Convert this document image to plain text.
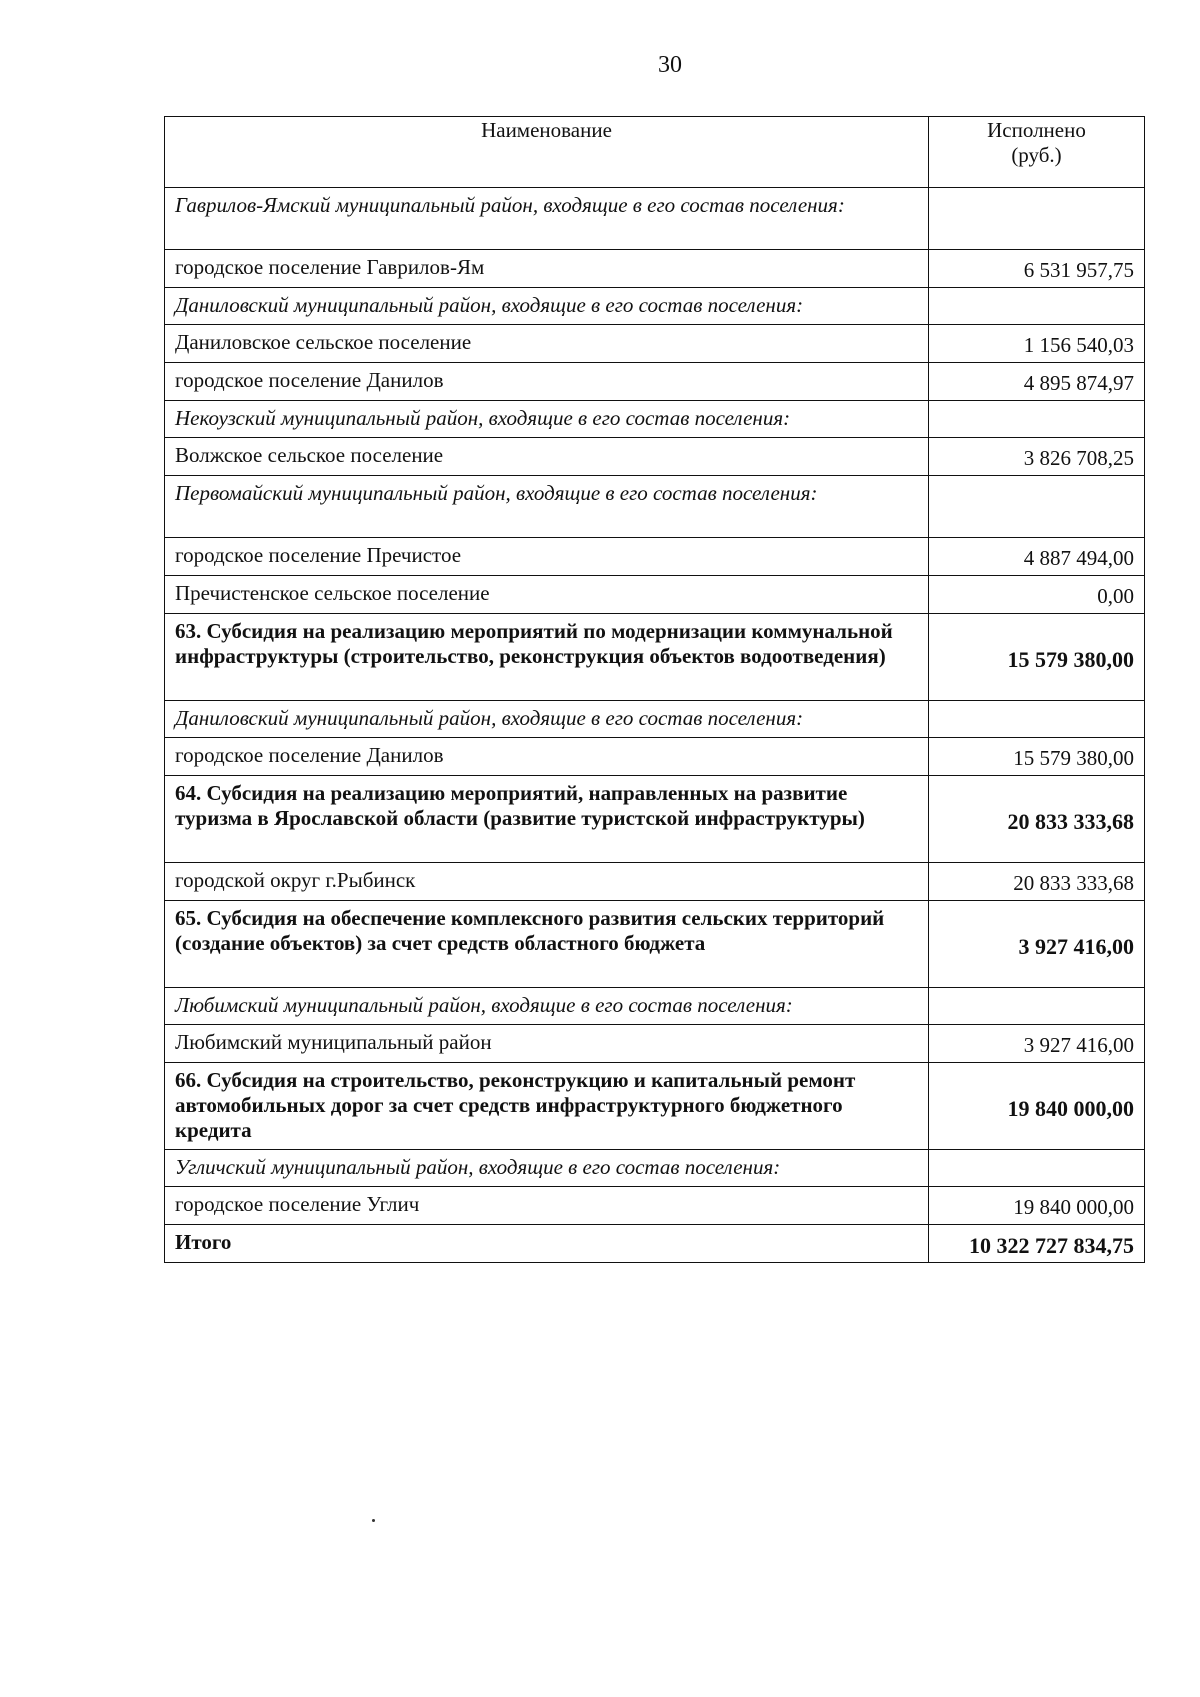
30
Наименование	Исполнено
(руб.)
Гаврилов-Ямский муниципальный район, входящие в его состав поселения:	
городское поселение Гаврилов-Ям	6 531 957,75
Даниловский муниципальный район, входящие в его состав поселения:	
Даниловское сельское поселение	1 156 540,03
городское поселение Данилов	4 895 874,97
Некоузский муниципальный район, входящие в его состав поселения:	
Волжское сельское поселение	3 826 708,25
Первомайский муниципальный район, входящие в его состав поселения:	
городское поселение Пречистое	4 887 494,00
Пречистенское сельское поселение	0,00
63. Субсидия на реализацию мероприятий по модернизации коммунальной инфраструктуры (строительство, реконструкция объектов водоотведения)	15 579 380,00
Даниловский муниципальный район, входящие в его состав поселения:	
городское поселение Данилов	15 579 380,00
64. Субсидия на реализацию мероприятий, направленных на развитие туризма в Ярославской области (развитие туристской инфраструктуры)	20 833 333,68
городской округ г.Рыбинск	20 833 333,68
65. Субсидия на обеспечение комплексного развития сельских территорий (создание объектов) за счет средств областного бюджета	3 927 416,00
Любимский муниципальный район, входящие в его состав поселения:	
Любимский муниципальный район	3 927 416,00
66. Субсидия на строительство, реконструкцию и капитальный ремонт автомобильных дорог за счет средств инфраструктурного бюджетного кредита	19 840 000,00
Угличский муниципальный район, входящие в его состав поселения:	
городское поселение Углич	19 840 000,00
Итого	10 322 727 834,75
